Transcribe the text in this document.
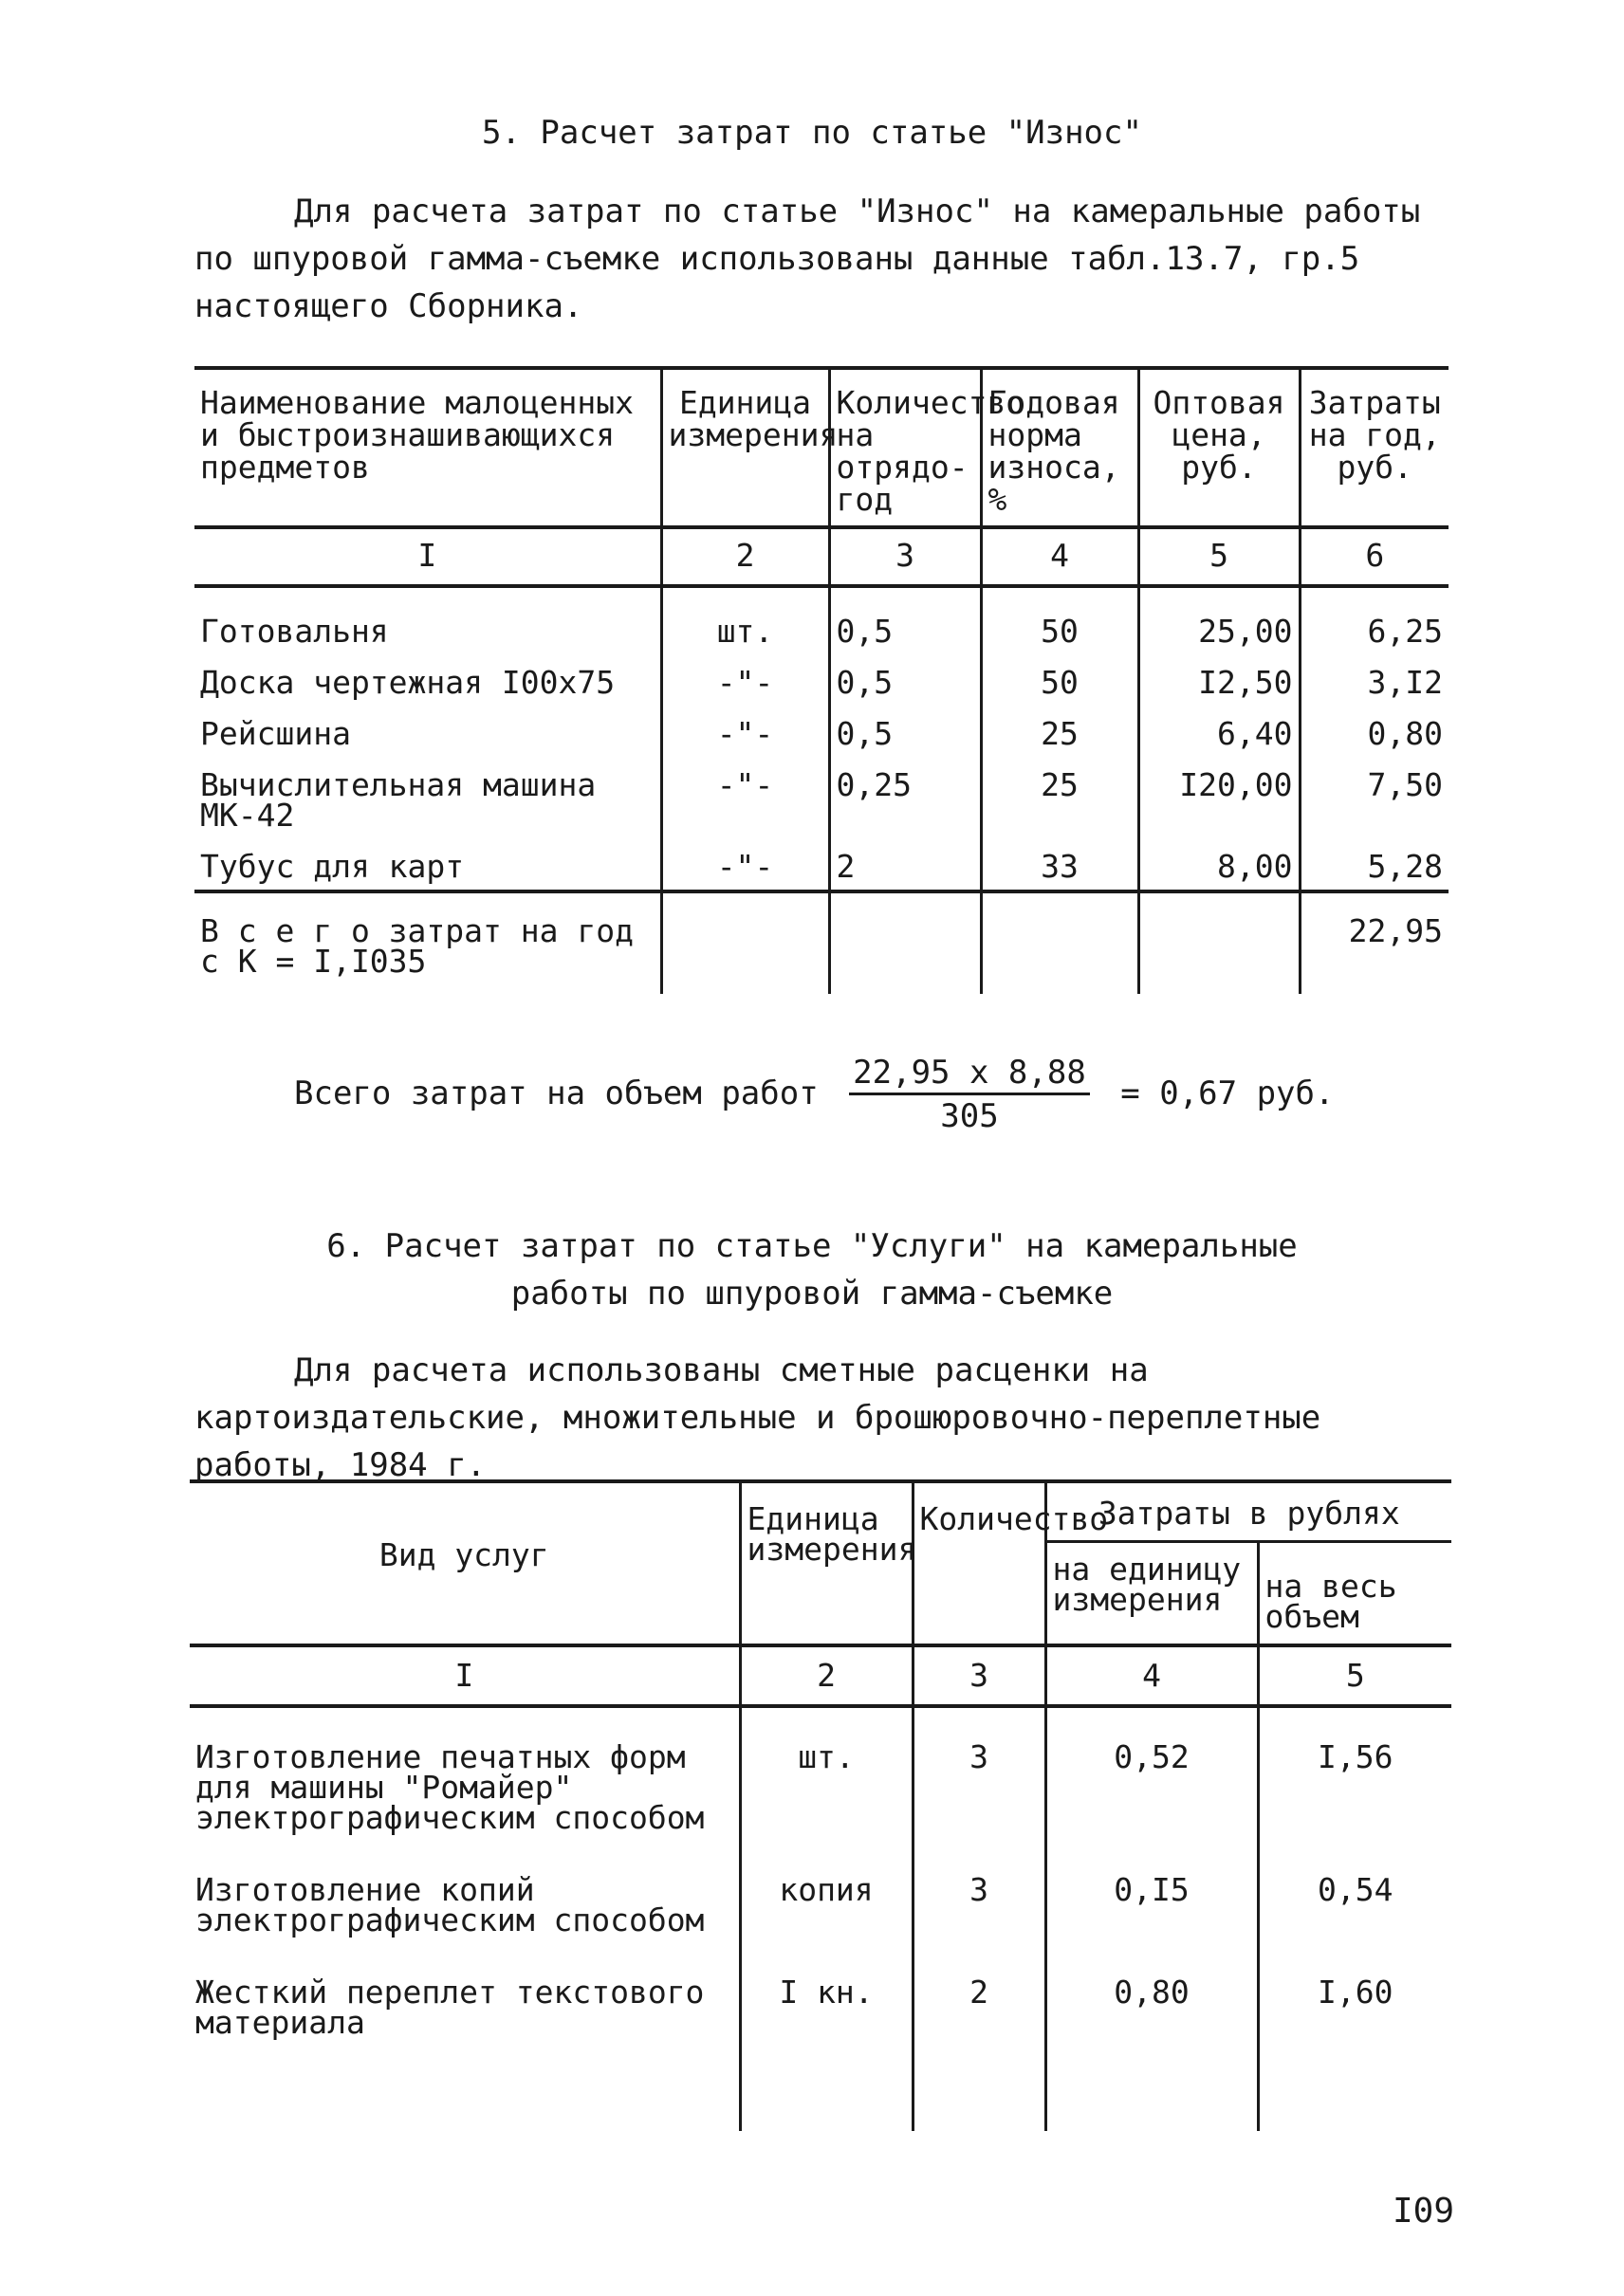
5. Расчет затрат по статье "Износ"
Для расчета затрат по статье "Износ" на камеральные работы по шпуровой гамма-съемке использованы данные табл.13.7, гр.5 настоящего Сборника.
Наименование малоценных и быстроизнашивающихся предметов	Единица измерения	Количество на отрядо-год	Годовая норма износа, %	Оптовая цена, руб.	Затраты на год, руб.
I	2	3	4	5	6
Готовальня	шт.	0,5	50	25,00	6,25
Доска чертежная I00x75	-"-	0,5	50	I2,50	3,I2
Рейсшина	-"-	0,5	25	6,40	0,80
Вычислительная машина МК-42	-"-	0,25	25	I20,00	7,50
Тубус для карт	-"-	2	33	8,00	5,28
В с е г о затрат на год с К = I,I035					22,95
Всего затрат на объем работ $\frac{22,95 x 8,88}{305} = 0,67$ руб.
6. Расчет затрат по статье "Услуги" на камеральные
работы по шпуровой гамма-съемке
Для расчета использованы сметные расценки на картоиздательские, множительные и брошюровочно-переплетные работы, 1984 г.
Вид услуг	Единица измерения	Количество	Затраты в рублях	
			на единицу измерения	на весь объем
I	2	3	4	5
Изготовление печатных форм для машины "Ромайер" электрографическим способом	шт.	3	0,52	I,56
Изготовление копий электрографическим способом	копия	3	0,I5	0,54
Жесткий переплет текстового материала	I кн.	2	0,80	I,60

I09
